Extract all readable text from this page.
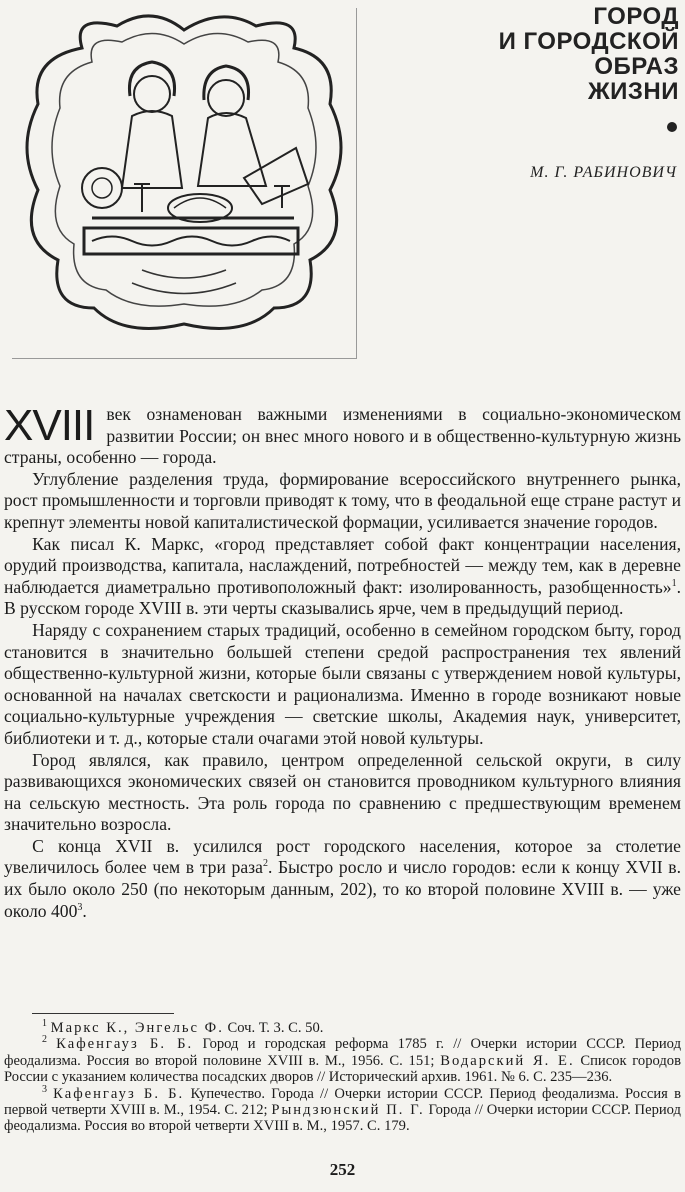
ГОРОД
И ГОРОДСКОЙ
ОБРАЗ
ЖИЗНИ
М. Г. РАБИНОВИЧ

XVIII век ознаменован важными изменениями в социально-экономическом развитии России; он внес много нового и в общественно-культурную жизнь страны, особенно — города.

Углубление разделения труда, формирование всероссийского внутреннего рынка, рост промышленности и торговли приводят к тому, что в феодальной еще стране растут и крепнут элементы новой капиталистической формации, усиливается значение городов.

Как писал К. Маркс, «город представляет собой факт концентрации населения, орудий производства, капитала, наслаждений, потребностей — между тем, как в деревне наблюдается диаметрально противоположный факт: изолированность, разобщенность»$^1$. В русском городе XVIII в. эти черты сказывались ярче, чем в предыдущий период.

Наряду с сохранением старых традиций, особенно в семейном городском быту, город становится в значительно большей степени средой распространения тех явлений общественно-культурной жизни, которые были связаны с утверждением новой культуры, основанной на началах светскости и рационализма. Именно в городе возникают новые социально-культурные учреждения — светские школы, Академия наук, университет, библиотеки и т. д., которые стали очагами этой новой культуры.

Город являлся, как правило, центром определенной сельской округи, в силу развивающихся экономических связей он становится проводником культурного влияния на сельскую местность. Эта роль города по сравнению с предшествующим временем значительно возросла.

С конца XVII в. усилился рост городского населения, которое за столетие увеличилось более чем в три раза$^2$. Быстро росло и число городов: если к концу XVII в. их было около 250 (по некоторым данным, 202), то ко второй половине XVIII в. — уже около $400^3$.

$^1$ Маркс К., Энгельс Ф. Соч. Т. 3. С. 50.

$^2$ Кафенгауз Б. Б. Город и городская реформа 1785 г. // Очерки истории СССР. Период феодализма. Россия во второй половине XVIII в. М., 1956. С. 151; Водарский Я. Е. Список городов России с указанием количества посадских дворов // Исторический архив. 1961. № 6. С. 235—236.

$^3$ Кафенгауз Б. Б. Купечество. Города // Очерки истории СССР. Период феодализма. Россия в первой четверти XVIII в. М., 1954. С. 212; Рындзюнский П. Г. Города // Очерки истории СССР. Период феодализма. Россия во второй четверти XVIII в. М., 1957. С. 179.

252
